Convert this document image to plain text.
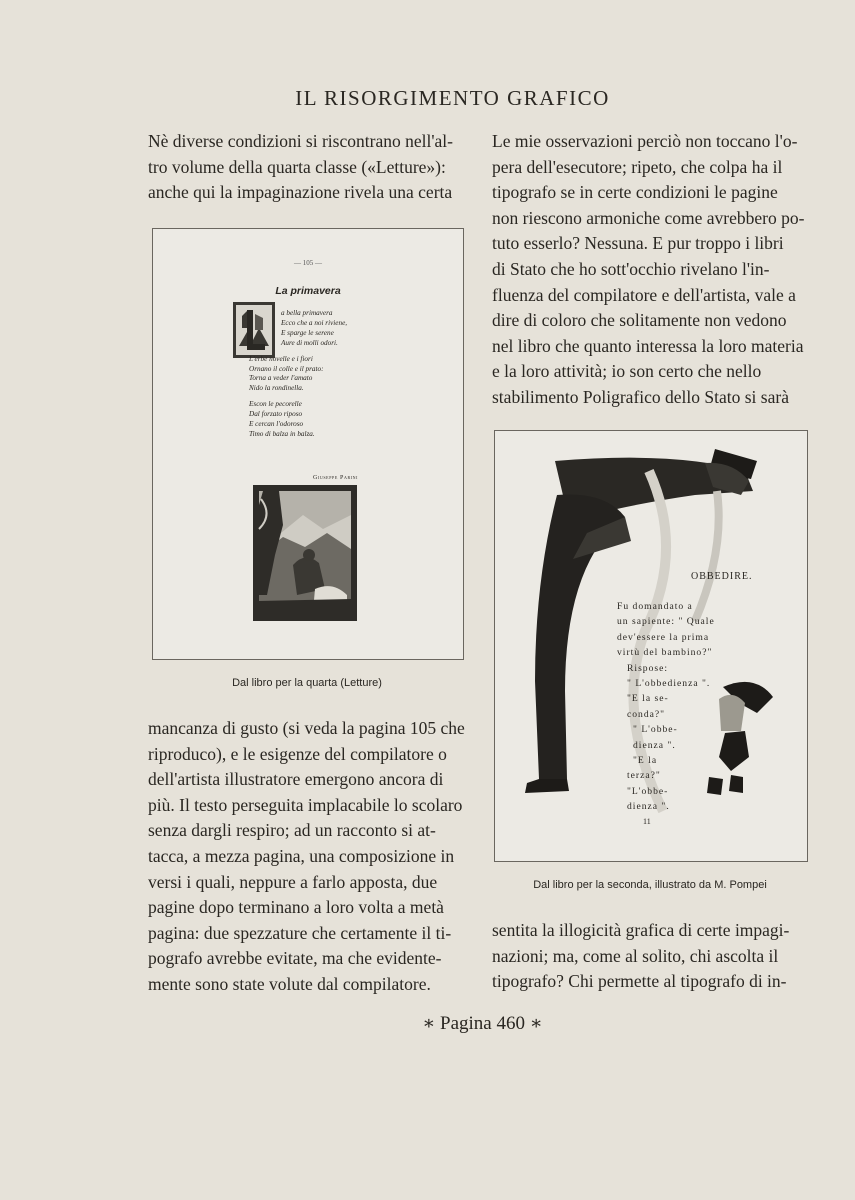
IL RISORGIMENTO GRAFICO

Nè diverse condizioni si riscontrano nell'al-

tro volume della quarta classe («Letture»):

anche qui la impaginazione rivela una certa

Le mie osservazioni perciò non toccano l'o-

pera dell'esecutore; ripeto, che colpa ha il

tipografo se in certe condizioni le pagine

non riescono armoniche come avrebbero po-

tuto esserlo? Nessuna. E pur troppo i libri

di Stato che ho sott'occhio rivelano l'in-

fluenza del compilatore e dell'artista, vale a

dire di coloro che solitamente non vedono

nel libro che quanto interessa la loro materia

e la loro attività; io son certo che nello

stabilimento Poligrafico dello Stato si sarà

— 105 —
La primavera
a bella primavera
Ecco che a noi riviene,
E sparge le serene
Aure di molli odori.
L'erbe novelle e i fiori
Ornano il colle e il prato:
Torna a veder l'amato
Nido la rondinella.
Escon le pecorelle
Dal forzato riposo
E cercan l'odoroso
Timo di balza in balza.
Giuseppe Parini
Dal libro per la quarta (Letture)
OBBEDIRE.
Fu domandato a
un sapiente: " Quale
dev'essere la prima
virtù del bambino?"
Rispose:
" L'obbedienza ".
"E la se-
conda?"
" L'obbe-
dienza ".
"E la
terza?"
"L'obbe-
dienza ".
11
Dal libro per la seconda, illustrato da M. Pompei

mancanza di gusto (si veda la pagina 105 che

riproduco), e le esigenze del compilatore o

dell'artista illustratore emergono ancora di

più. Il testo perseguita implacabile lo scolaro

senza dargli respiro; ad un racconto si at-

tacca, a mezza pagina, una composizione in

versi i quali, neppure a farlo apposta, due

pagine dopo terminano a loro volta a metà

pagina: due spezzature che certamente il ti-

pografo avrebbe evitate, ma che evidente-

mente sono state volute dal compilatore.

sentita la illogicità grafica di certe impagi-

nazioni; ma, come al solito, chi ascolta il

tipografo? Chi permette al tipografo di in-

∗ Pagina 460 ∗
